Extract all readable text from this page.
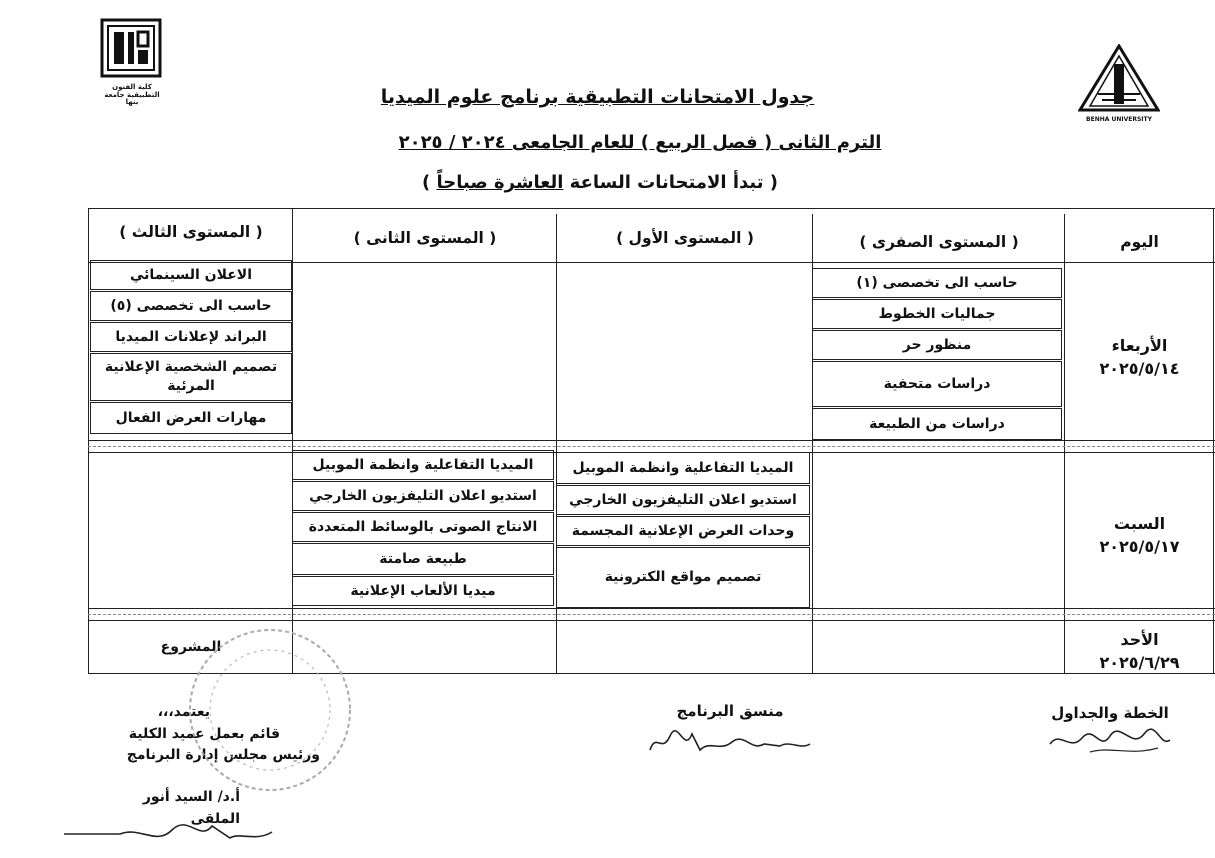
كلية الفنون التطبيقية جامعة بنها
BENHA UNIVERSITY
جدول الامتحانات التطبيقية برنامج علوم الميديا
الترم الثانى ( فصل الربيع ) للعام الجامعى ٢٠٢٤ / ٢٠٢٥
( تبدأ الامتحانات الساعة العاشرة صباحاً )
اليوم
( المستوى الصفرى )
( المستوى الأول )
( المستوى الثانى )
( المستوى الثالث )
الأربعاء
٢٠٢٥/٥/١٤
حاسب الى تخصصى (١)
جماليات الخطوط
منظور حر
دراسات متحفية
دراسات من الطبيعة
الاعلان السينمائي
حاسب الى تخصصى (٥)
البراند لإعلانات الميديا
تصميم الشخصية الإعلانية المرئية
مهارات العرض الفعال
السبت
٢٠٢٥/٥/١٧
الميديا التفاعلية وانظمة الموبيل
استديو اعلان التليفزيون الخارجي
وحدات العرض الإعلانية المجسمة
تصميم مواقع الكترونية
الميديا التفاعلية وانظمة الموبيل
استديو اعلان التليفزيون الخارجي
الانتاج الصوتى بالوسائط المتعددة
طبيعة صامتة
ميديا الألعاب الإعلانية
الأحد
٢٠٢٥/٦/٢٩
المشروع
الخطة والجداول
منسق البرنامج
يعتمد،،،
قائم بعمل عميد الكلية
ورئيس مجلس إدارة البرنامج
أ.د/ السيد أنور الملقى
